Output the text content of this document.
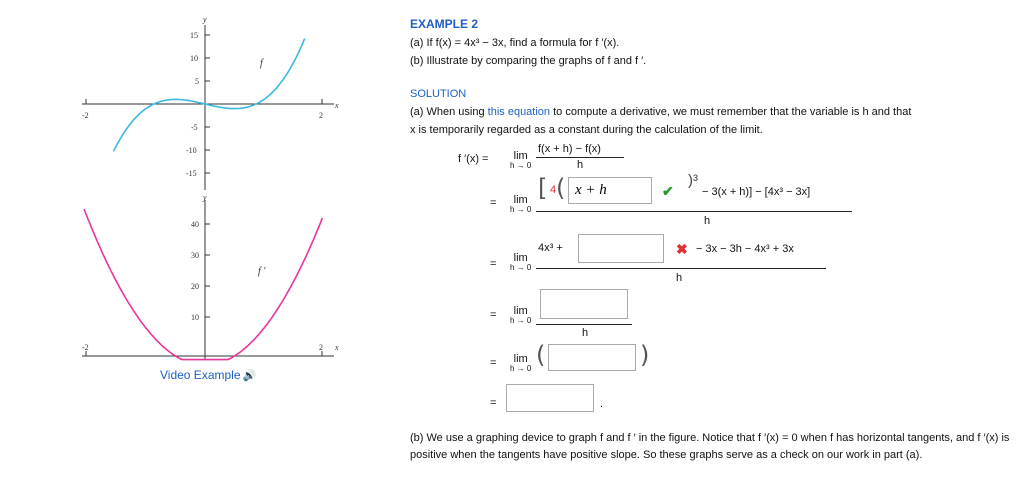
y
x
15
10
5
-5
-10
-15
-2	2
f
y
x
40
30
20
10
-2	2
f '
Video Example 🔊
EXAMPLE 2
(a) If f(x) = 4x³ − 3x, find a formula for f ′(x).
(b) Illustrate by comparing the graphs of f and f ′.
SOLUTION
(a) When using this equation to compute a derivative, we must remember that the variable is h and that
x is temporarily regarded as a constant during the calculation of the limit.
f ′(x) =	lim
h → 0
f(x + h) − f(x)
h
=	lim
h → 0
[ 4 (
x + h	✔
)³
− 3(x + h)] − [4x³ − 3x]
h
=	lim
h → 0
4x³ +	✖ − 3x − 3h − 4x³ + 3x
h
=	lim
h → 0
h
=	lim
h → 0 (	)
=	.
(b) We use a graphing device to graph f and f ′ in the figure. Notice that f ′(x) = 0 when f has horizontal tangents, and f ′(x) is positive when the tangents have positive slope. So these graphs serve as a check on our work in part (a).
